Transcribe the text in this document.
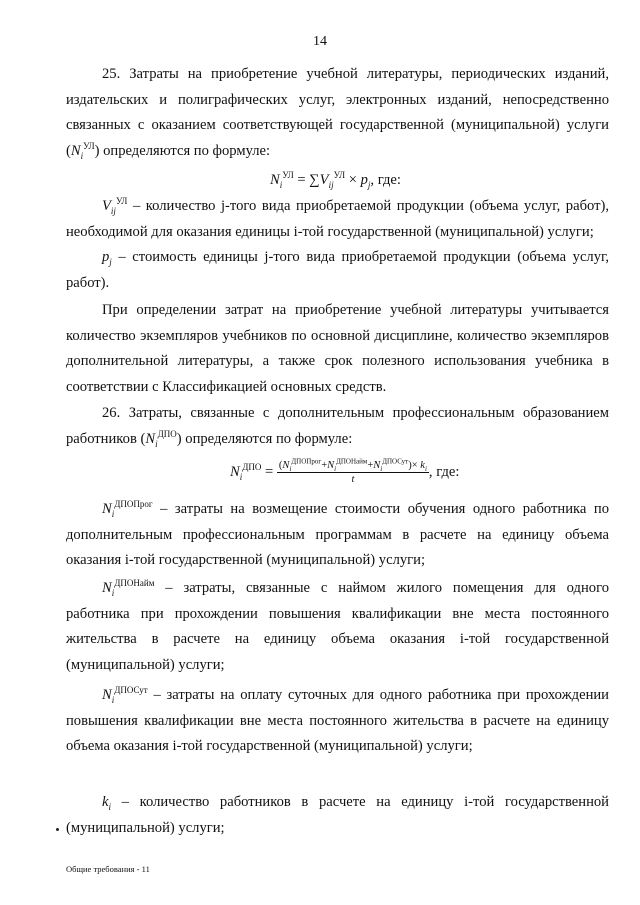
14
25. Затраты на приобретение учебной литературы, периодических изданий, издательских и полиграфических услуг, электронных изданий, непосредственно связанных с оказанием соответствующей государственной (муниципальной) услуги $(N_i^{УЛ})$ определяются по формуле:
$N_i^{УЛ} = \sum V_{ij}^{УЛ} \times p_j$, где:
$V_{ij}^{УЛ}$ – количество j-того вида приобретаемой продукции (объема услуг, работ), необходимой для оказания единицы i-той государственной (муниципальной) услуги;
$p_j$ – стоимость единицы j-того вида приобретаемой продукции (объема услуг, работ).
При определении затрат на приобретение учебной литературы учитывается количество экземпляров учебников по основной дисциплине, количество экземпляров дополнительной литературы, а также срок полезного использования учебника в соответствии с Классификацией основных средств.
26. Затраты, связанные с дополнительным профессиональным образованием работников $(N_i^{ДПО})$ определяются по формуле:
$N_i^{ДПО} = \frac{(N_i^{ДПОПрог}+N_i^{ДПОНайм}+N_i^{ДПОСут})\times k_i}{t}$ , где:
$N_i^{ДПОПрог}$ – затраты на возмещение стоимости обучения одного работника по дополнительным профессиональным программам в расчете на единицу объема оказания i-той государственной (муниципальной) услуги;
$N_i^{ДПОНайм}$ – затраты, связанные с наймом жилого помещения для одного работника при прохождении повышения квалификации вне места постоянного жительства в расчете на единицу объема оказания i-той государственной (муниципальной) услуги;
$N_i^{ДПОСут}$ – затраты на оплату суточных для одного работника при прохождении повышения квалификации вне места постоянного жительства в расчете на единицу объема оказания i-той государственной (муниципальной) услуги;
$k_i$ – количество работников в расчете на единицу i-той государственной (муниципальной) услуги;
Общие требования - 11
